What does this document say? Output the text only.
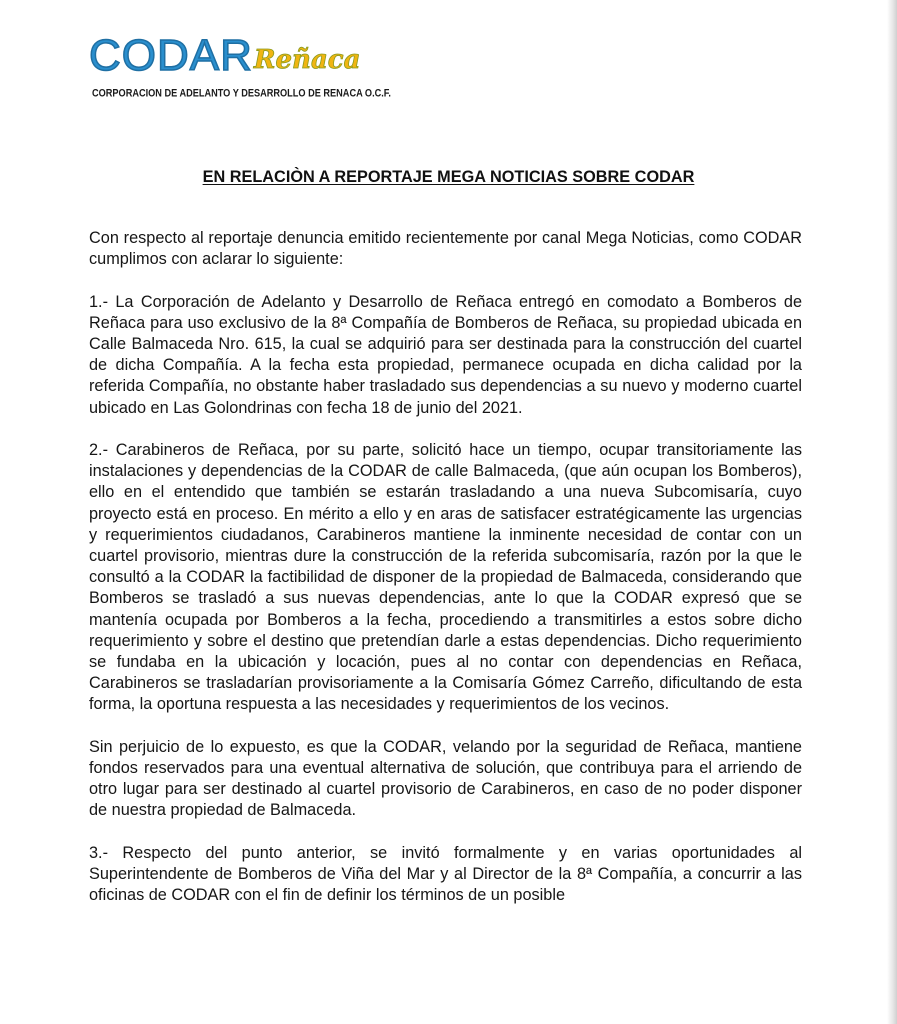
CODARReñaca
CORPORACION DE ADELANTO Y DESARROLLO DE RENACA O.C.F.
EN RELACIÒN A REPORTAJE MEGA NOTICIAS SOBRE CODAR

Con respecto al reportaje denuncia emitido recientemente por canal Mega Noticias, como CODAR cumplimos con aclarar lo siguiente:

1.- La Corporación de Adelanto y Desarrollo de Reñaca entregó en comodato a Bomberos de Reñaca para uso exclusivo de la 8ª Compañía de Bomberos de Reñaca, su propiedad ubicada en Calle Balmaceda Nro. 615, la cual se adquirió para ser destinada para la construcción del cuartel de dicha Compañía. A la fecha esta propiedad, permanece ocupada en dicha calidad por la referida Compañía, no obstante haber trasladado sus dependencias a su nuevo y moderno cuartel ubicado en Las Golondrinas con fecha 18 de junio del 2021.

2.- Carabineros de Reñaca, por su parte, solicitó hace un tiempo, ocupar transitoriamente las instalaciones y dependencias de la CODAR de calle Balmaceda, (que aún ocupan los Bomberos), ello en el entendido que también se estarán trasladando a una nueva Subcomisaría, cuyo proyecto está en proceso. En mérito a ello y en aras de satisfacer estratégicamente las urgencias y requerimientos ciudadanos, Carabineros mantiene la inminente necesidad de contar con un cuartel provisorio, mientras dure la construcción de la referida subcomisaría, razón por la que le consultó a la CODAR la factibilidad de disponer de la propiedad de Balmaceda, considerando que Bomberos se trasladó a sus nuevas dependencias, ante lo que la CODAR expresó que se mantenía ocupada por Bomberos a la fecha, procediendo a transmitirles a estos sobre dicho requerimiento y sobre el destino que pretendían darle a estas dependencias. Dicho requerimiento se fundaba en la ubicación y locación, pues al no contar con dependencias en Reñaca, Carabineros se trasladarían provisoriamente a la Comisaría Gómez Carreño, dificultando de esta forma, la oportuna respuesta a las necesidades y requerimientos de los vecinos.

Sin perjuicio de lo expuesto, es que la CODAR, velando por la seguridad de Reñaca, mantiene fondos reservados para una eventual alternativa de solución, que contribuya para el arriendo de otro lugar para ser destinado al cuartel provisorio de Carabineros, en caso de no poder disponer de nuestra propiedad de Balmaceda.

3.- Respecto del punto anterior, se invitó formalmente y en varias oportunidades al Superintendente de Bomberos de Viña del Mar y al Director de la 8ª Compañía, a concurrir a las oficinas de CODAR con el fin de definir los términos de un posible
